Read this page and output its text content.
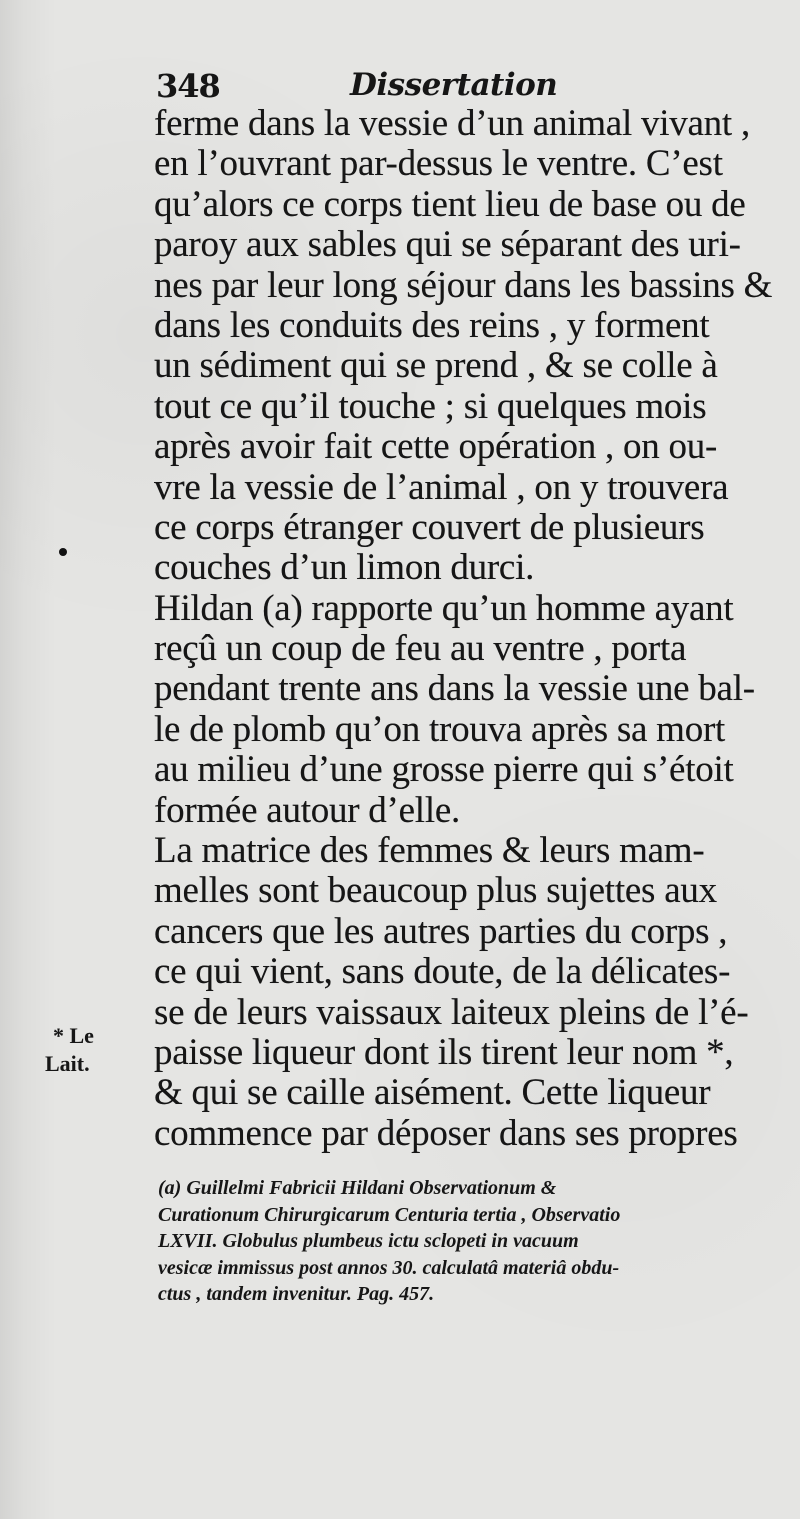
348	Dissertation
ferme dans la vessie d’un animal vivant ,
en l’ouvrant par-dessus le ventre. C’est
qu’alors ce corps tient lieu de base ou de
paroy aux sables qui se séparant des uri-
nes par leur long séjour dans les bassins &
dans les conduits des reins , y forment
un sédiment qui se prend , & se colle à
tout ce qu’il touche ; si quelques mois
après avoir fait cette opération , on ou-
vre la vessie de l’animal , on y trouvera
ce corps étranger couvert de plusieurs
couches d’un limon durci.
Hildan (a) rapporte qu’un homme ayant
reçû un coup de feu au ventre , porta
pendant trente ans dans la vessie une bal-
le de plomb qu’on trouva après sa mort
au milieu d’une grosse pierre qui s’étoit
formée autour d’elle.
La matrice des femmes & leurs mam-
melles sont beaucoup plus sujettes aux
cancers que les autres parties du corps ,
ce qui vient, sans doute, de la délicates-
se de leurs vaissaux laiteux pleins de l’é-
paisse liqueur dont ils tirent leur nom *,
& qui se caille aisément. Cette liqueur
commence par déposer dans ses propres
* Le
Lait.
(a) Guillelmi Fabricii Hildani Observationum &
Curationum Chirurgicarum Centuria tertia , Observatio
LXVII. Globulus plumbeus ictu sclopeti in vacuum
vesicæ immissus post annos 30. calculatâ materiâ obdu-
ctus , tandem invenitur. Pag. 457.
